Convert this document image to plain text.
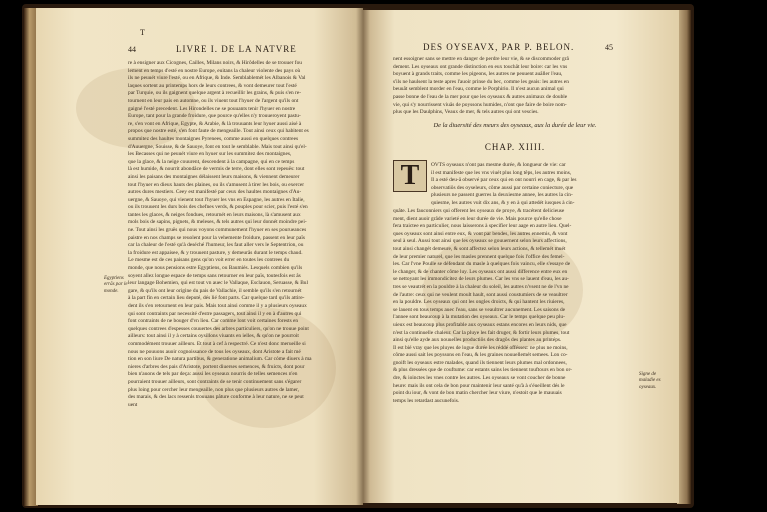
T
44	LIVRE I. DE LA NATVRE
re à ensigner aux Cicognes, Cailles, Milans noirs, & Hirôdelles de se trouuer fou
lement en temps d'esté en nostre Europe, euitans la chaleur violente des pays où
ils ne peuuét viure l'esté, ou en Afrique, & Inde. Semblablemét les Albanois & Val
laques sortent au printemps hors de leurs contrees, & vont demeurer tout l'esté
par Turquie, ou ils gaignent quelque argent à recueillir les grains, & puis s'en re-
tournent en leur pais en automne, ou ils viuent tout l'hyuer de l'argent qu'ils ont
gaigné l'esté precedent. Les Hirondelles ne se pouuants tenir l'hyuer en nostre
Europe, tant pour la grande froidure, que pource qu'elles n'y trouueroyent pastu-
re, s'en vont en Afrique, Egypte, & Arabie, & là trouuants leur hyuer aussi aisé à
propos que nostre esté, s'en font faute de mengeaille. Tout ainsi ceux qui habitent es
summitez des haultes montaignes Pyrenees, comme aussi en quelques contrees
d'Auuergne, Souisse, & de Sauoye, font en tout le semblable. Mais tout ainsi qu'el-
les Becasses qui ne peuuét viure en hyuer sur les summitez des montaignes,
que la glace, & la neige couurent, descendent à la campagne, qui en ce temps
là est humide, & nourrit abondâce de vermis de terre, dont elles sont repeuës: tout
ainsi les paisans des montaignes délaissent leurs maisons, & viennent demeurer
tout l'hyuer en dieux hauts des plaines, ou ils s'amusent à tirer les bois, ou exercer
autres dures mestiers. Ceey est manifesté par ceux des haultes montaignes d'Au-
uergne, & Sauoye, qui vienent tout l'hyuer les vns en Espagne, les autres en Italie,
ou ils trouuent les durs bois des chefnes verds, & pouples pour scier, puis l'esté s'en
tantes les glaces, & neiges fondues, retournét en leurs maisons, là s'amusent aux
mols bois de sapins, pignets, & meleses, & tels autres qui leur donnét moindre pei-
ne. Tout ainsi les gruës qui nous voyons communement l'hyuer en ses pourueances
paistre en nos champs se reuolent pour la vehemente froidure, passent en leur paîs
car la chaleur de l'esté qu'à deséché l'humeur, les faut aller vers le Septentrion, ou
la froidure est appaisee, & y trouuent pasture, y demeurâs durant le temps chaud.
Le mesme est de ces paisans gens qu'on voit errer en toutes les contrees du
monde, que nous pensions estre Egyptiens, ou Baumiés. Lesquels combien qu'ils
soyent allez longue espace de temps sans retourner en leur païs, toutesfois est âs
leur langage Bohemien, qui est tout vn auec le Vallaque, Esclauon, Seruasse, & Bul
gare, & qu'ils ont leur origine du pais de Vallachie, il semble qu'ils s'en retournét
à la part fin en certain lieu deputé, dés lié font parts. Car quelque tard qu'ils attire-
dent ils s'en retournent en leur pais. Mais tout ainsi comme il y a plusieurs oyseaux
qui sont contraints par necessité d'estre passagers, tout ainsi il y en à d'autres qui
font contraints de ne bouger d'vn lieu. Car comme lont voit certaines forests en
quelques contrees d'espesses couuertes des arbres particuliers, qu'on ne trouue point
ailleurs: tout ainsi il y à certains oysillons viuants en ielles, & qu'on ne pourroit
commodément trouuer ailleurs. Et tout à cef à respectré. Ce n'est donc merueille si
nous ne pouuons auoir cognoissance de tous les oyseaux, dont Aristote a fait mé
tion en son liure De natura partibus, & generatione animalium. Car cóme diuers à ma
nieres d'arbres des pais d'Aristote, portent diuerses semences, & fruicts, dont pour
bien n'auons de tels par deça: aussi les oyseaux nourris de telles semences n'en
pourraient trouuer ailleurs, sont contraints de se tenir continuement sans s'égarer
plus loing pour cercher leur mengeaille, non plus que plusieurs autres de lamer,
des marais, & des lacs ressenls trouuans pâture conforme à leur nature, ne se peut
uent
Egyptiens errãs par le monde.
DES OYSEAVX, PAR P. BELON.	45
nent essoigner sans se mettre en danger de perdre leur vie, & se discommoder grâ
dement. Les oyseaux ont grande distinction en eux touchât leur boire: car les vns
boyuent à grands traits, comme les pigeons, les autres ne peuuent auâller l'eau,
s'ils ne haulsent la teste apres l'auoir prinse du bec, comme les geais: les autres en
beuuât semblent morder en l'eau, comme le Porphirio. Il n'est aucun animal qui
passe bonne de l'eau de la mer pour que les oyseaux & autres animaux de double
vie, qui s'y nourrissent viuâs de poyssons humides, n'ont que faire de boire nom-
plus que les Daulphins, Veaux de mer, & tels autres qui ont vescies.
De la diuersité des meurs des oyseaux, aux la durée de leur vie.
CHAP. XIIII.
T	OVTS oyseaux n'ont pas mesme durée, & longueur de vie: car
il est manifeste que les vns viuét plus long têps, les autres moins,
Il a esté deu-â observé par ceux qui en ont nourri en cage, & par les
observatiôs des oyseleurs, côme aussi par certaine coniecture, que
plusieurs ne passent guerres la deuxiesme annee, les autres la cin-
quiesme, les autres vuit dix ans, & y en à qui attedét iusques à cin-
quâte. Les fauconniers qui offerent les oyseaux de proye, & tracétent delicieuse
ment, dient auoir grâde varieté en leur durée de vie. Mais pource qu'elle chose
fera traictee en particulier, nous laisserons à specifier leur aage en autre lieu. Quel-
ques oyseaux sont ainsi entre eux, & vont par bendes, les autres ennemis, & vont
seul à seul. Aussi tout ainsi que les oyseaux se gouuernent selon leurs affections,
tout ainsi changét demeure, & sont affectez selon leurs actions, & tellemét muét
de leur premier naturel, que les masles prennent quelque fois l'office des femel-
les. Car l'vne Poulle se défendant du masle à quelques fois vaincu, elle s'essaye de
le changer, & de chanter côme luy. Les oyseaux ont aussi difference entre eux en
se nettoyant les immondicitez de leurs plumes. Car les vns se lauent d'eau, les au-
tres se veautrét en la pouldre à la chaleur du soleil, les autres n'vsent ne de l'vn ne
de l'autre: ceux qui ne veulent moult hault, sont aussi coustumiers de se veaultrer
en la pouldre. Les oyseaux qui ont les ongles droicts, & qui hantent les riuieres,
se lauent en tous temps auec l'eau, sans se veaultrer aucunement. Les saisons de
l'annee sont beaucoup à la mutation des oyseaux. Car le temps quelque peu plu-
uieux est beaucoup plus profitable aux oyseaux estans encores en leurs nids, que
n'est la continuelle chaleur. Car la pluye les fait druger, & fortir leurs plumes, tout
ainsi qu'elle ayde aux nouuelles productiôs des dragôs des plantes au printéps.
Il est bié vray que les pluyes de logue durée les réddé offéssez: ne plus ne moins,
côme aussi sait les poyssons en l'eau, & les graines nouuellemét semees. Lon co-
gnoift les oyseaux estre malades, quand ils tiennent leurs plumes mal ordonnees,
& plus dressées que de couftume: car estants sains les tiennent touftours en bon or-
dre, & ioinctes les vnes contre les autres. Les oyseaux se vont coucher de bonne
heure: mais ils ont cela de bon pour maintenir leur santé qu'à à s'éueillent dés le
point du iour, & vont de bon matin chercher leur viure, n'estoit que le mauuais
temps les retardast aucunefois.
Signe de maladie es oyseaux.
